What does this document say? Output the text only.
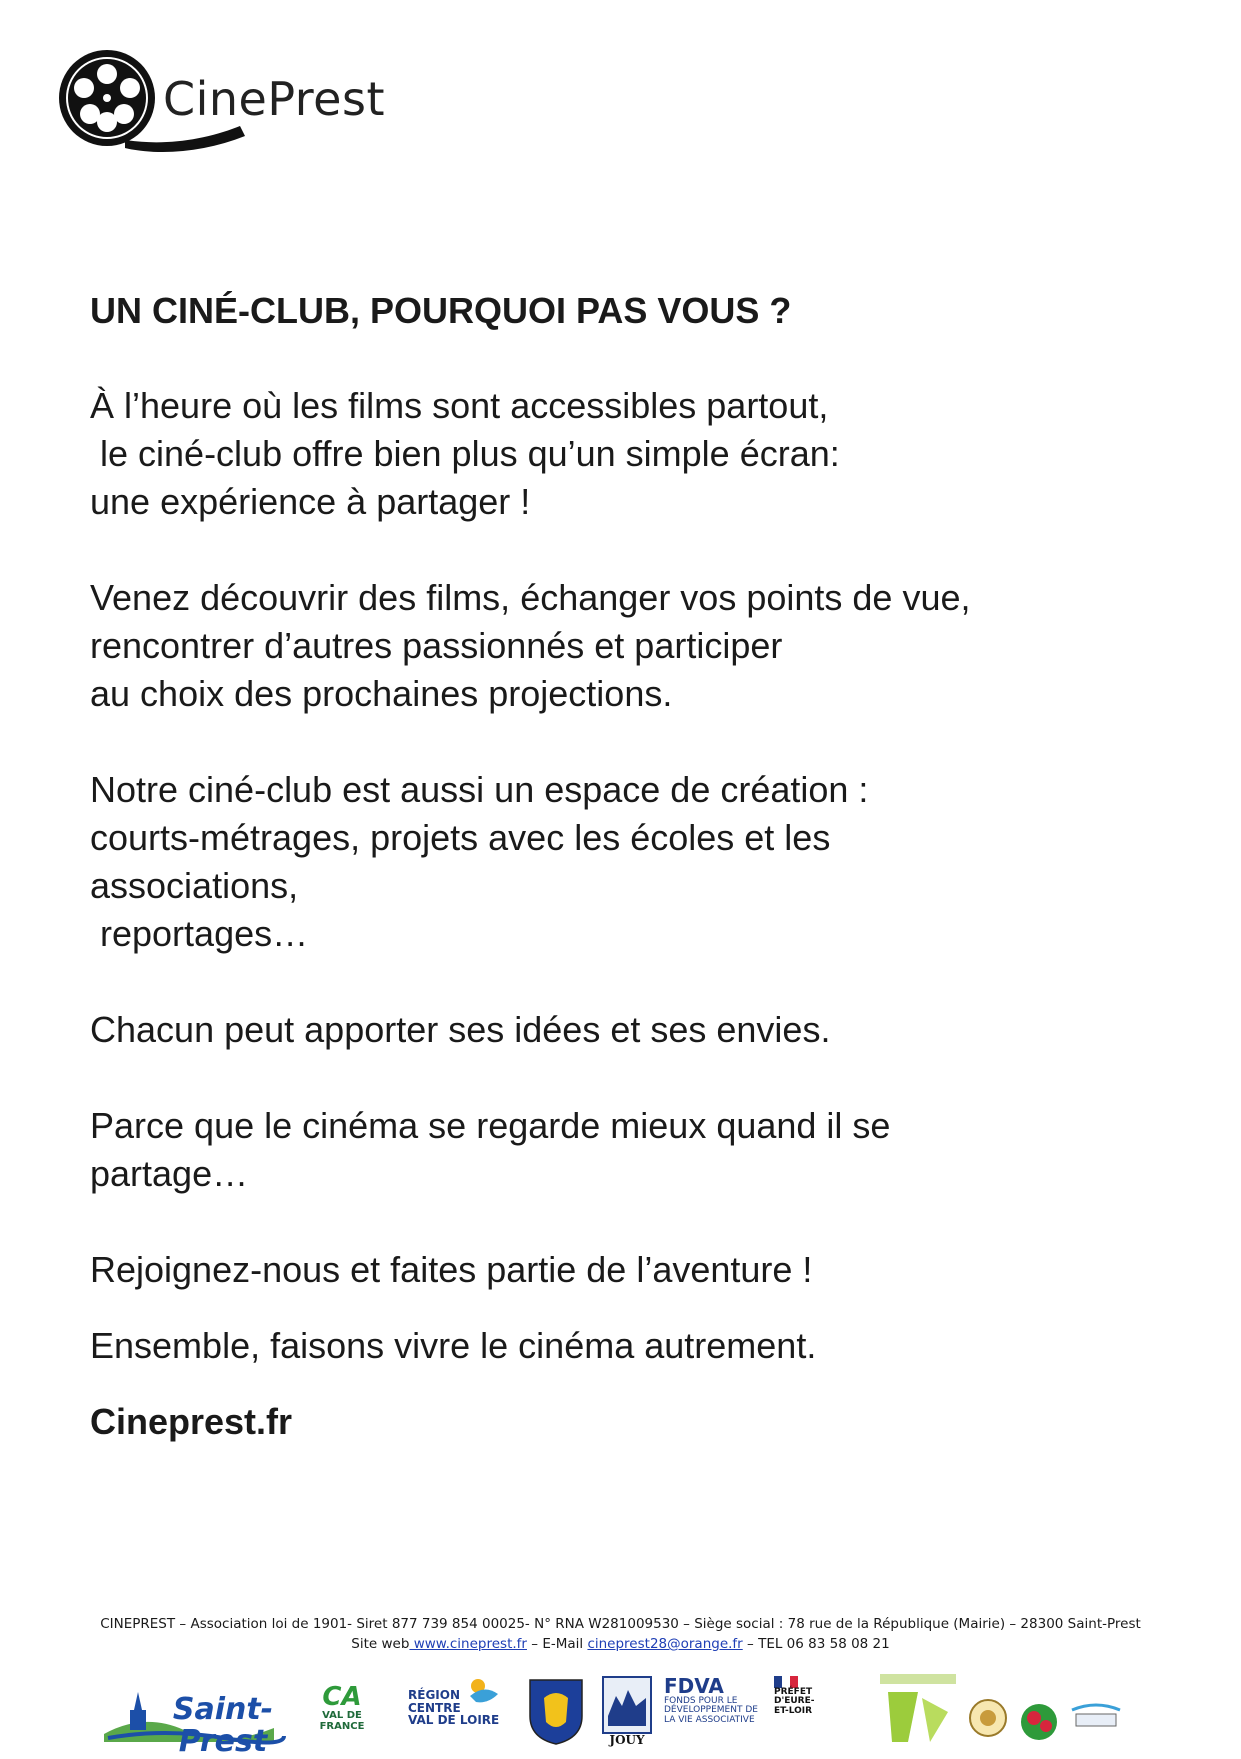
CinePrest
UN CINÉ-CLUB, POURQUOI PAS VOUS ?

À l’heure où les films sont accessibles partout,
le ciné-club offre bien plus qu’un simple écran:
une expérience à partager !

Venez découvrir des films, échanger vos points de vue,
rencontrer d’autres passionnés et participer
au choix des prochaines projections.

Notre ciné-club est aussi un espace de création :
courts-métrages, projets avec les écoles et les
associations,
reportages…

Chacun peut apporter ses idées et ses envies.

Parce que le cinéma se regarde mieux quand il se
partage…

Rejoignez-nous et faites partie de l’aventure !

Ensemble, faisons vivre le cinéma autrement.

Cineprest.fr

CINEPREST – Association loi de 1901- Siret 877 739 854 00025- N° RNA W281009530 – Siège social : 78 rue de la République (Mairie) – 28300 Saint-Prest
Site web www.cineprest.fr – E-Mail cineprest28@orange.fr – TEL 06 83 58 08 21
Saint-Prest
CA
VAL DE
FRANCE
RÉGION
CENTRE
VAL DE LOIRE
JOUY
FDVA
FONDS POUR LE DÉVELOPPEMENT DE LA VIE ASSOCIATIVE
PRÉFET
D'EURE-
ET-LOIR
